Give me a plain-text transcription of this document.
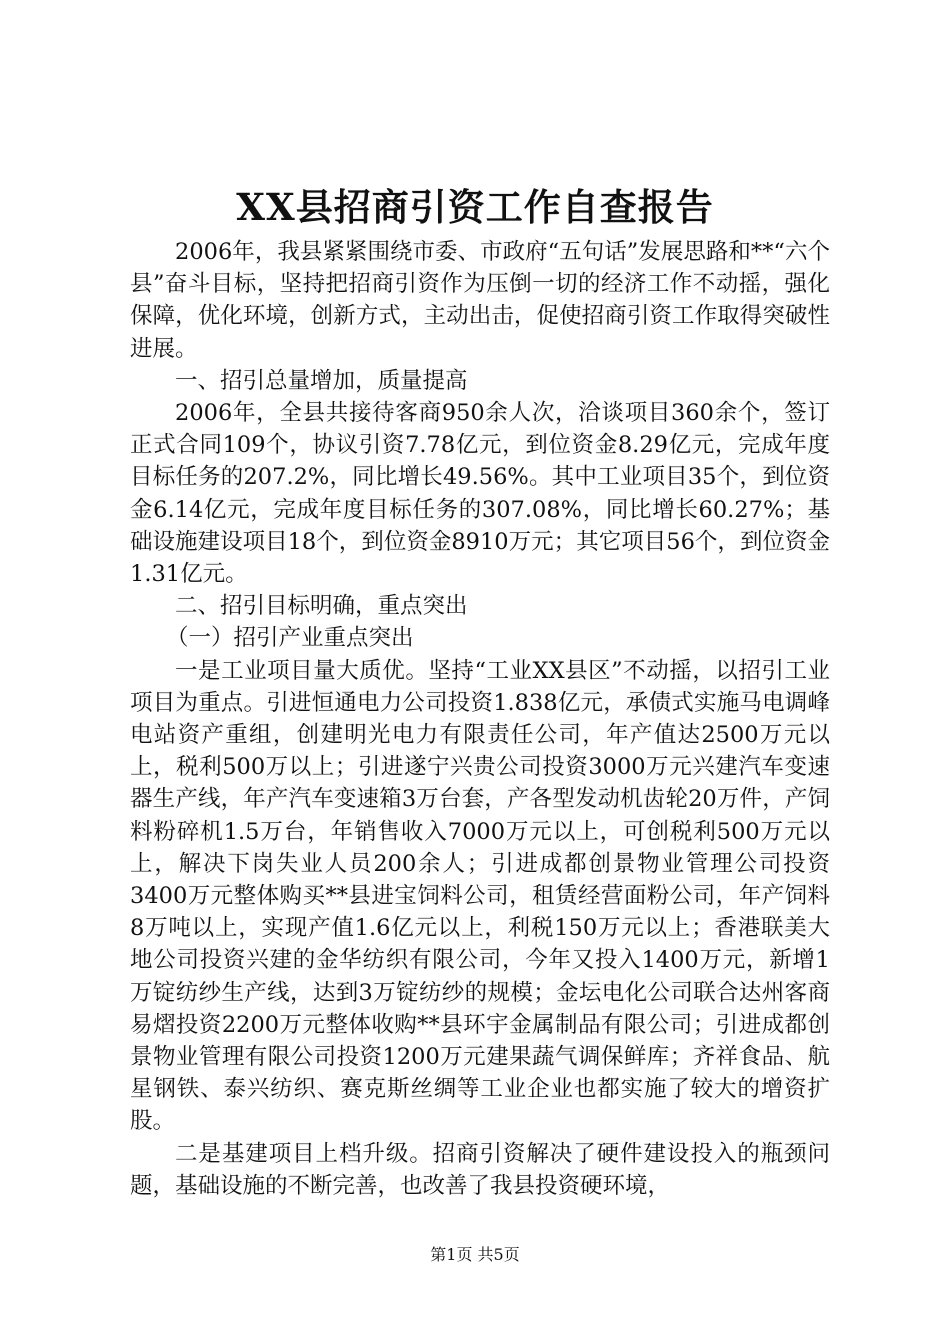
XX县招商引资工作自查报告

2006年，我县紧紧围绕市委、市政府“五句话”发展思路和**“六个县”奋斗目标，坚持把招商引资作为压倒一切的经济工作不动摇，强化保障，优化环境，创新方式，主动出击，促使招商引资工作取得突破性进展。

一、招引总量增加，质量提高

2006年，全县共接待客商950余人次，洽谈项目360余个，签订正式合同109个，协议引资7.78亿元，到位资金8.29亿元，完成年度目标任务的207.2%，同比增长49.56%。其中工业项目35个，到位资金6.14亿元，完成年度目标任务的307.08%，同比增长60.27%；基础设施建设项目18个，到位资金8910万元；其它项目56个，到位资金1.31亿元。

二、招引目标明确，重点突出

（一）招引产业重点突出

一是工业项目量大质优。坚持“工业XX县区”不动摇，以招引工业项目为重点。引进恒通电力公司投资1.838亿元，承债式实施马电调峰电站资产重组，创建明光电力有限责任公司，年产值达2500万元以上，税利500万以上；引进遂宁兴贵公司投资3000万元兴建汽车变速器生产线，年产汽车变速箱3万台套，产各型发动机齿轮20万件，产饲料粉碎机1.5万台，年销售收入7000万元以上，可创税利500万元以上，解决下岗失业人员200余人；引进成都创景物业管理公司投资3400万元整体购买**县进宝饲料公司，租赁经营面粉公司，年产饲料8万吨以上，实现产值1.6亿元以上，利税150万元以上；香港联美大地公司投资兴建的金华纺织有限公司，今年又投入1400万元，新增1万锭纺纱生产线，达到3万锭纺纱的规模；金坛电化公司联合达州客商易熠投资2200万元整体收购**县环宇金属制品有限公司；引进成都创景物业管理有限公司投资1200万元建果蔬气调保鲜库；齐祥食品、航星钢铁、泰兴纺织、赛克斯丝绸等工业企业也都实施了较大的增资扩股。

二是基建项目上档升级。招商引资解决了硬件建设投入的瓶颈问题，基础设施的不断完善，也改善了我县投资硬环境，

第1页 共5页
